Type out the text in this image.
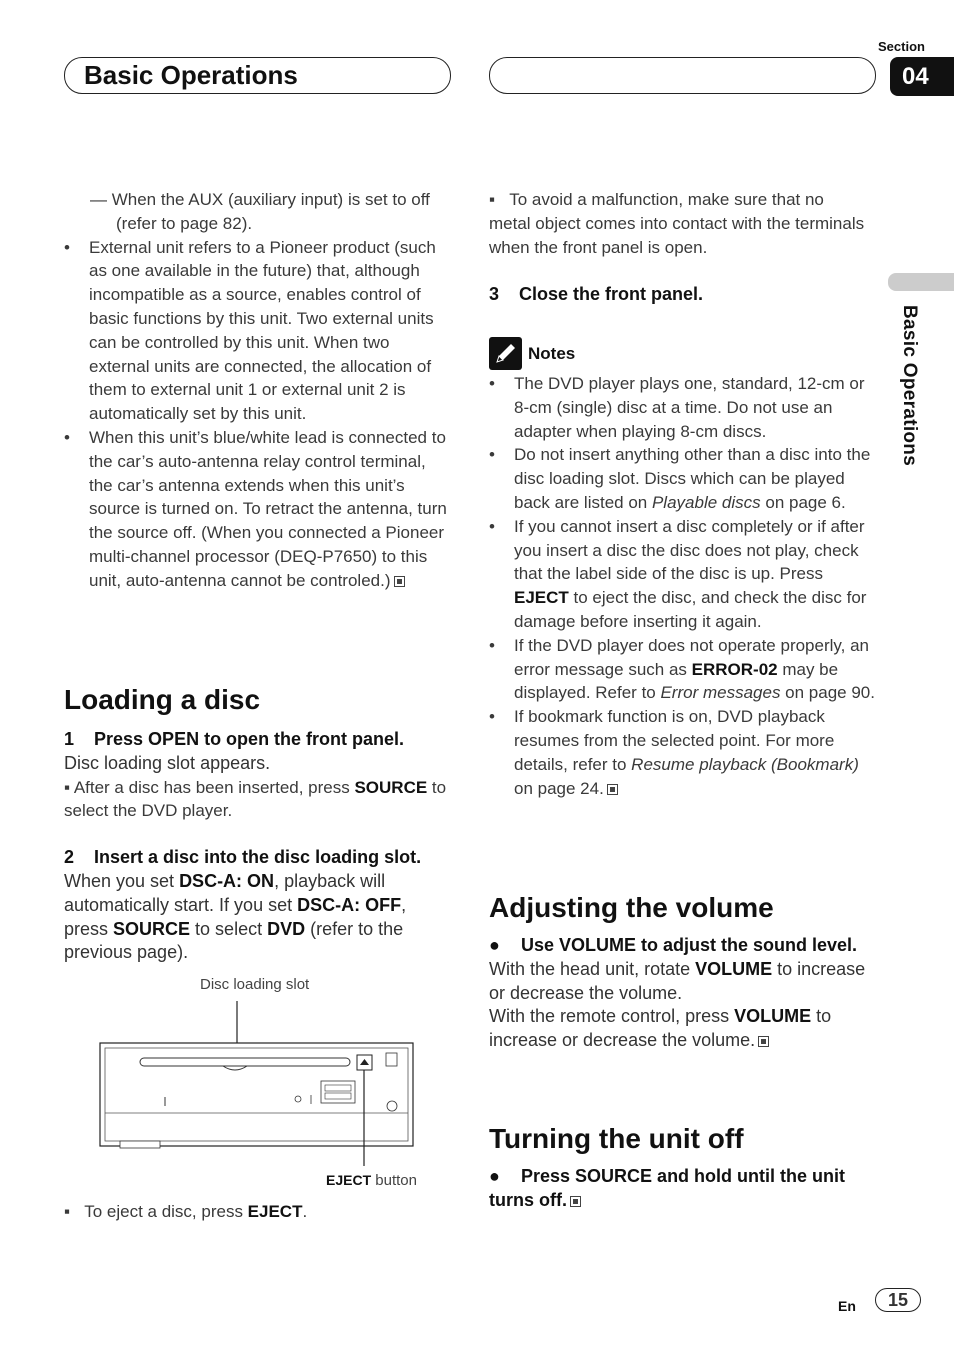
Basic Operations
Section
04
Basic Operations
— When the AUX (auxiliary input) is set to off (refer to page 82).
• External unit refers to a Pioneer product (such as one available in the future) that, although incompatible as a source, enables control of basic functions by this unit. Two external units can be controlled by this unit. When two external units are connected, the allocation of them to external unit 1 or external unit 2 is automatically set by this unit.
• When this unit’s blue/white lead is connected to the car’s auto-antenna relay control terminal, the car’s antenna extends when this unit’s source is turned on. To retract the antenna, turn the source off. (When you connected a Pioneer multi-channel processor (DEQ-P7650) to this unit, auto-antenna cannot be controled.)
Loading a disc
1    Press OPEN to open the front panel.
Disc loading slot appears.
▪ After a disc has been inserted, press SOURCE to select the DVD player.
2    Insert a disc into the disc loading slot.
When you set DSC-A: ON, playback will automatically start. If you set DSC-A: OFF, press SOURCE to select DVD (refer to the previous page).
Disc loading slot
EJECT button
▪   To eject a disc, press EJECT.
▪   To avoid a malfunction, make sure that no metal object comes into contact with the terminals when the front panel is open.
3    Close the front panel.
Notes
• The DVD player plays one, standard, 12-cm or 8-cm (single) disc at a time. Do not use an adapter when playing 8-cm discs.
• Do not insert anything other than a disc into the disc loading slot. Discs which can be played back are listed on Playable discs on page 6.
• If you cannot insert a disc completely or if after you insert a disc the disc does not play, check that the label side of the disc is up. Press EJECT to eject the disc, and check the disc for damage before inserting it again.
• If the DVD player does not operate properly, an error message such as ERROR-02 may be displayed. Refer to Error messages on page 90.
• If bookmark function is on, DVD playback resumes from the selected point. For more details, refer to Resume playback (Bookmark) on page 24.
Adjusting the volume
● Use VOLUME to adjust the sound level.
With the head unit, rotate VOLUME to increase or decrease the volume.
With the remote control, press VOLUME to increase or decrease the volume.
Turning the unit off
● Press SOURCE and hold until the unit turns off.
En	15
